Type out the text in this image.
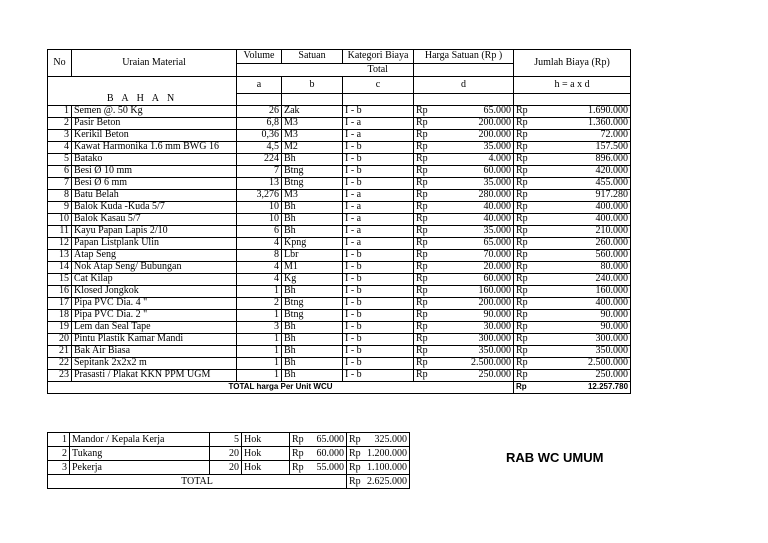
No	Uraian Material	Volume	Satuan	Kategori Biaya	Harga Satuan (Rp )		Jumlah Biaya (Rp)	
				Total				
		a	b	c	d		h = a x d	
B A H A N								
1	Semen @. 50 Kg	26	Zak	I - b	Rp	65.000	Rp	1.690.000
2	Pasir Beton	6,8	M3	I - a	Rp	200.000	Rp	1.360.000
3	Kerikil Beton	0,36	M3	I - a	Rp	200.000	Rp	72.000
4	Kawat Harmonika 1.6 mm BWG 16	4,5	M2	I - b	Rp	35.000	Rp	157.500
5	Batako	224	Bh	I - b	Rp	4.000	Rp	896.000
6	Besi Ø 10 mm	7	Btng	I - b	Rp	60.000	Rp	420.000
7	Besi Ø 6 mm	13	Btng	I - b	Rp	35.000	Rp	455.000
8	Batu Belah	3,276	M3	I - a	Rp	280.000	Rp	917.280
9	Balok Kuda -Kuda 5/7	10	Bh	I - a	Rp	40.000	Rp	400.000
10	Balok Kasau 5/7	10	Bh	I - a	Rp	40.000	Rp	400.000
11	Kayu Papan Lapis 2/10	6	Bh	I - a	Rp	35.000	Rp	210.000
12	Papan Listplank Ulin	4	Kpng	I - a	Rp	65.000	Rp	260.000
13	Atap Seng	8	Lbr	I - b	Rp	70.000	Rp	560.000
14	Nok Atap Seng/ Bubungan	4	M1	I - b	Rp	20.000	Rp	80.000
15	Cat Kilap	4	Kg	I - b	Rp	60.000	Rp	240.000
16	Klosed Jongkok	1	Bh	I - b	Rp	160.000	Rp	160.000
17	Pipa PVC Dia. 4 "	2	Btng	I - b	Rp	200.000	Rp	400.000
18	Pipa PVC Dia. 2 "	1	Btng	I - b	Rp	90.000	Rp	90.000
19	Lem dan Seal Tape	3	Bh	I - b	Rp	30.000	Rp	90.000
20	Pintu Plastik Kamar Mandi	1	Bh	I - b	Rp	300.000	Rp	300.000
21	Bak Air Biasa	1	Bh	I - b	Rp	350.000	Rp	350.000
22	Sepitank 2x2x2 m	1	Bh	I - b	Rp	2.500.000	Rp	2.500.000
23	Prasasti / Plakat KKN PPM UGM	1	Bh	I - b	Rp	250.000	Rp	250.000
TOTAL harga Per Unit WCU							Rp	12.257.780
1	Mandor / Kepala Kerja	5	Hok	Rp	65.000	Rp	325.000
2	Tukang	20	Hok	Rp	60.000	Rp	1.200.000
3	Pekerja	20	Hok	Rp	55.000	Rp	1.100.000
TOTAL						Rp	2.625.000
RAB WC UMUM
